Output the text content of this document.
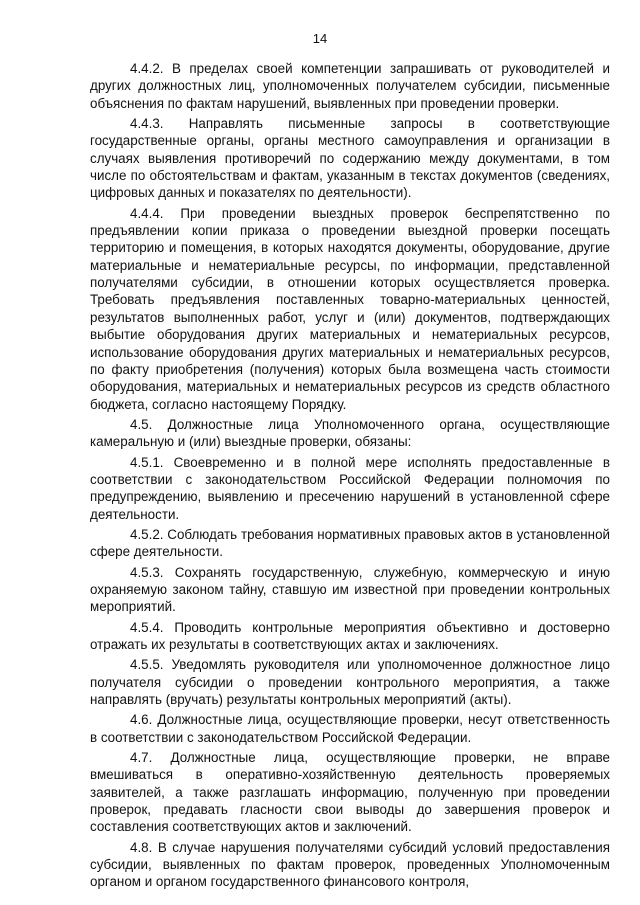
14

4.4.2. В пределах своей компетенции запрашивать от руководителей и других должностных лиц, уполномоченных получателем субсидии, письменные объяснения по фактам нарушений, выявленных при проведении проверки.

4.4.3. Направлять письменные запросы в соответствующие государственные органы, органы местного самоуправления и организации в случаях выявления противоречий по содержанию между документами, в том числе по обстоятельствам и фактам, указанным в текстах документов (сведениях, цифровых данных и показателях по деятельности).

4.4.4. При проведении выездных проверок беспрепятственно по предъявлении копии приказа о проведении выездной проверки посещать территорию и помещения, в которых находятся документы, оборудование, другие материальные и нематериальные ресурсы, по информации, представленной получателями субсидии, в отношении которых осуществляется проверка. Требовать предъявления поставленных товарно-материальных ценностей, результатов выполненных работ, услуг и (или) документов, подтверждающих выбытие оборудования других материальных и нематериальных ресурсов, использование оборудования других материальных и нематериальных ресурсов, по факту приобретения (получения) которых была возмещена часть стоимости оборудования, материальных и нематериальных ресурсов из средств областного бюджета, согласно настоящему Порядку.

4.5. Должностные лица Уполномоченного органа, осуществляющие камеральную и (или) выездные проверки, обязаны:

4.5.1. Своевременно и в полной мере исполнять предоставленные в соответствии с законодательством Российской Федерации полномочия по предупреждению, выявлению и пресечению нарушений в установленной сфере деятельности.

4.5.2. Соблюдать требования нормативных правовых актов в установленной сфере деятельности.

4.5.3. Сохранять государственную, служебную, коммерческую и иную охраняемую законом тайну, ставшую им известной при проведении контрольных мероприятий.

4.5.4. Проводить контрольные мероприятия объективно и достоверно отражать их результаты в соответствующих актах и заключениях.

4.5.5. Уведомлять руководителя или уполномоченное должностное лицо получателя субсидии о проведении контрольного мероприятия, а также направлять (вручать) результаты контрольных мероприятий (акты).

4.6. Должностные лица, осуществляющие проверки, несут ответственность в соответствии с законодательством Российской Федерации.

4.7. Должностные лица, осуществляющие проверки, не вправе вмешиваться в оперативно-хозяйственную деятельность проверяемых заявителей, а также разглашать информацию, полученную при проведении проверок, предавать гласности свои выводы до завершения проверок и составления соответствующих актов и заключений.

4.8. В случае нарушения получателями субсидий условий предоставления субсидии, выявленных по фактам проверок, проведенных Уполномоченным органом и органом государственного финансового контроля,
